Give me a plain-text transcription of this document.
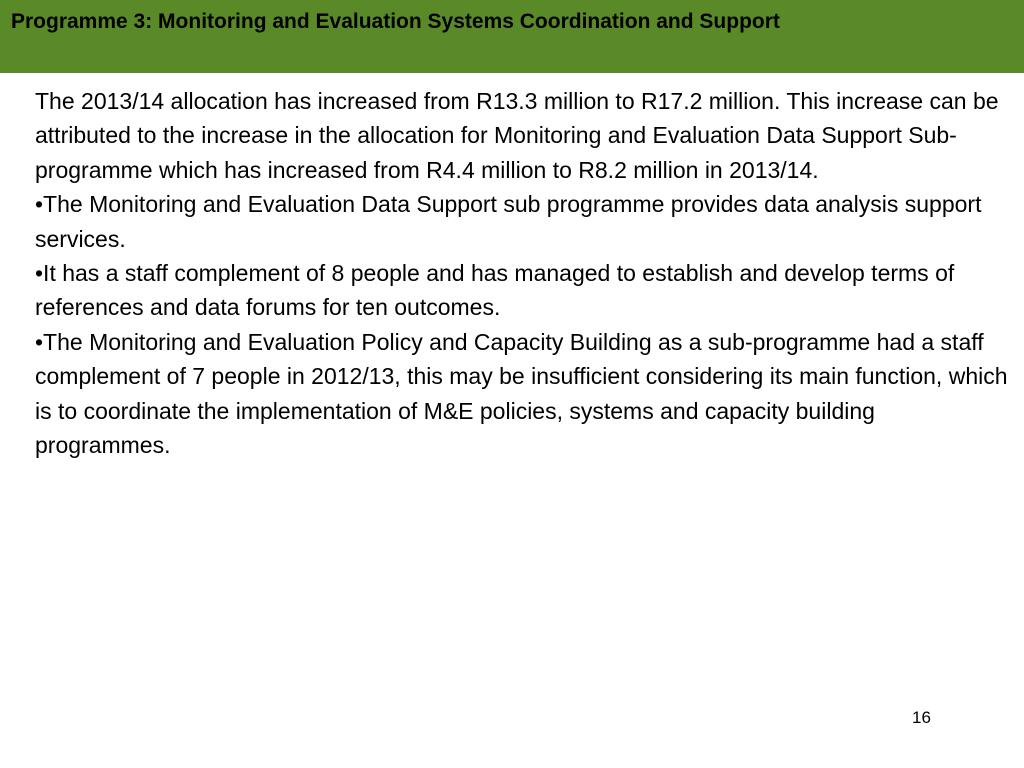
Programme 3: Monitoring and Evaluation Systems Coordination and Support

The 2013/14 allocation has increased from R13.3 million to R17.2 million. This increase can be attributed to the increase in the allocation for Monitoring and Evaluation Data Support Sub-programme which has increased from R4.4 million to R8.2 million in 2013/14.

•The Monitoring and Evaluation Data Support sub programme provides data analysis support services.

•It has a staff complement of 8 people and has managed to establish and develop terms of references and data forums for ten outcomes.

•The Monitoring and Evaluation Policy and Capacity Building as a sub-programme had a staff complement of 7 people in 2012/13, this may be insufficient considering its main function, which is to coordinate the implementation of M&E policies, systems and capacity building programmes.

16
